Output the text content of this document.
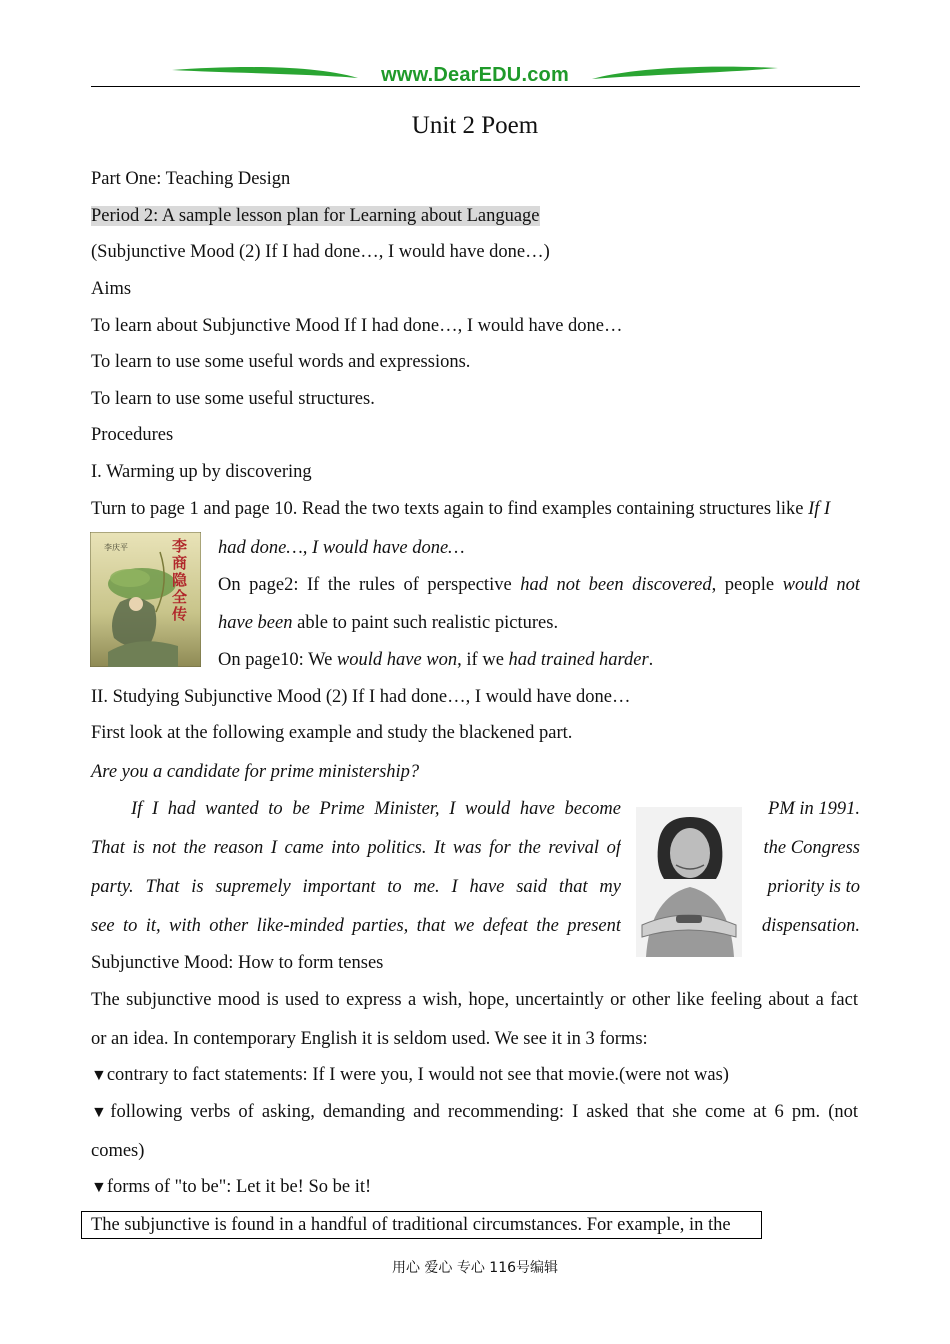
www.DearEDU.com
Unit 2 Poem
Part One: Teaching Design
Period 2: A sample lesson plan for Learning about Language
(Subjunctive Mood (2) If I had done…, I would have done…)
Aims
To learn about Subjunctive Mood If I had done…, I would have done…
To learn to use some useful words and expressions.
To learn to use some useful structures.
Procedures
I. Warming up by discovering
Turn to page 1 and page 10. Read the two texts again to find examples containing structures like If I
李庆平	李商隐全传
had done…, I would have done…
On page2: If the rules of perspective had not been discovered, people would not
have been able to paint such realistic pictures.
On page10: We would have won, if we had trained harder.
II. Studying Subjunctive Mood (2) If I had done…, I would have done…
First look at the following example and study the blackened part.
Are you a candidate for prime ministership?
If I had wanted to be Prime Minister, I would have become	PM in 1991.
That is not the reason I came into politics. It was for the revival of	the Congress
party. That is supremely important to me. I have said that my	priority is to
see to it, with other like-minded parties, that we defeat the present	dispensation.
Subjunctive Mood: How to form tenses
The subjunctive mood is used to express a wish, hope, uncertaintly or other like feeling about a fact
or an idea. In contemporary English it is seldom used. We see it in 3 forms:
▼contrary to fact statements: If I were you, I would not see that movie.(were not was)
▼following verbs of asking, demanding and recommending: I asked that she come at 6 pm. (not
comes)
▼forms of "to be": Let it be! So be it!
The subjunctive is found in a handful of traditional circumstances. For example, in the
用心 爱心 专心 116号编辑
